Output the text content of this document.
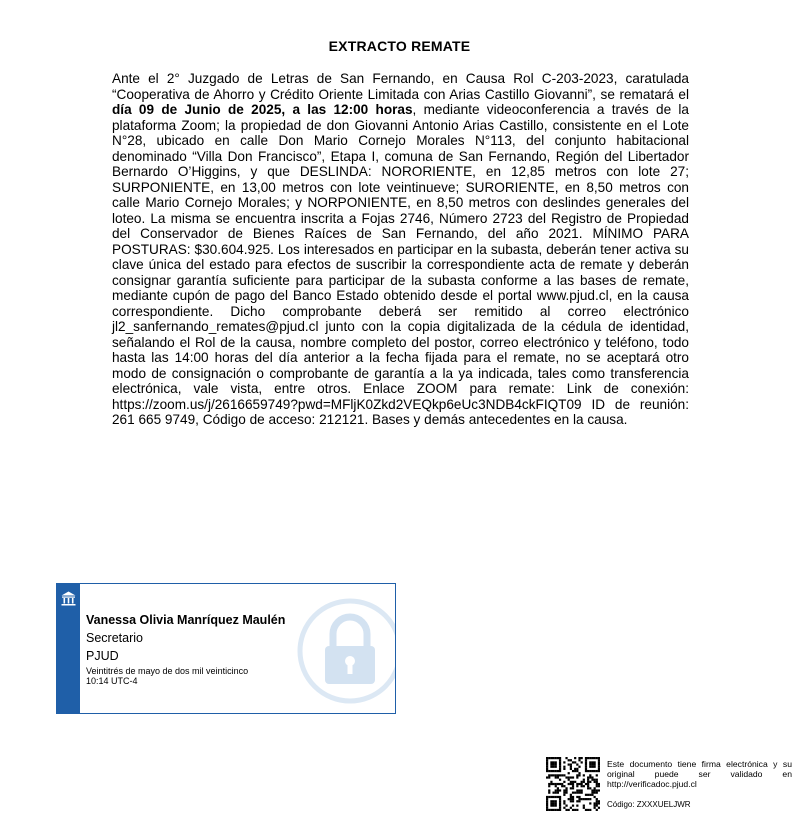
EXTRACTO REMATE
Ante el 2° Juzgado de Letras de San Fernando, en Causa Rol C-203-2023, caratulada “Cooperativa de Ahorro y Crédito Oriente Limitada con Arias Castillo Giovanni”, se rematará el día 09 de Junio de 2025, a las 12:00 horas, mediante videoconferencia a través de la plataforma Zoom; la propiedad de don Giovanni Antonio Arias Castillo, consistente en el Lote N°28, ubicado en calle Don Mario Cornejo Morales N°113, del conjunto habitacional denominado “Villa Don Francisco”, Etapa I, comuna de San Fernando, Región del Libertador Bernardo O’Higgins, y que DESLINDA: NORORIENTE, en 12,85 metros con lote 27; SURPONIENTE, en 13,00 metros con lote veintinueve; SURORIENTE, en 8,50 metros con calle Mario Cornejo Morales; y NORPONIENTE, en 8,50 metros con deslindes generales del loteo. La misma se encuentra inscrita a Fojas 2746, Número 2723 del Registro de Propiedad del Conservador de Bienes Raíces de San Fernando, del año 2021. MÍNIMO PARA POSTURAS: $30.604.925. Los interesados en participar en la subasta, deberán tener activa su clave única del estado para efectos de suscribir la correspondiente acta de remate y deberán consignar garantía suficiente para participar de la subasta conforme a las bases de remate, mediante cupón de pago del Banco Estado obtenido desde el portal www.pjud.cl, en la causa correspondiente. Dicho comprobante deberá ser remitido al correo electrónico jl2_sanfernando_remates@pjud.cl junto con la copia digitalizada de la cédula de identidad, señalando el Rol de la causa, nombre completo del postor, correo electrónico y teléfono, todo hasta las 14:00 horas del día anterior a la fecha fijada para el remate, no se aceptará otro modo de consignación o comprobante de garantía a la ya indicada, tales como transferencia electrónica, vale vista, entre otros. Enlace ZOOM para remate: Link de conexión: https://zoom.us/j/2616659749?pwd=MFljK0Zkd2VEQkp6eUc3NDB4ckFIQT09 ID de reunión: 261 665 9749, Código de acceso: 212121. Bases y demás antecedentes en la causa.
Vanessa Olivia Manríquez Maulén
Secretario
PJUD
Veintitrés de mayo de dos mil veinticinco
10:14 UTC-4
Este documento tiene firma electrónica y su original puede ser validado en http://verificadoc.pjud.cl
Código: ZXXXUELJWR
